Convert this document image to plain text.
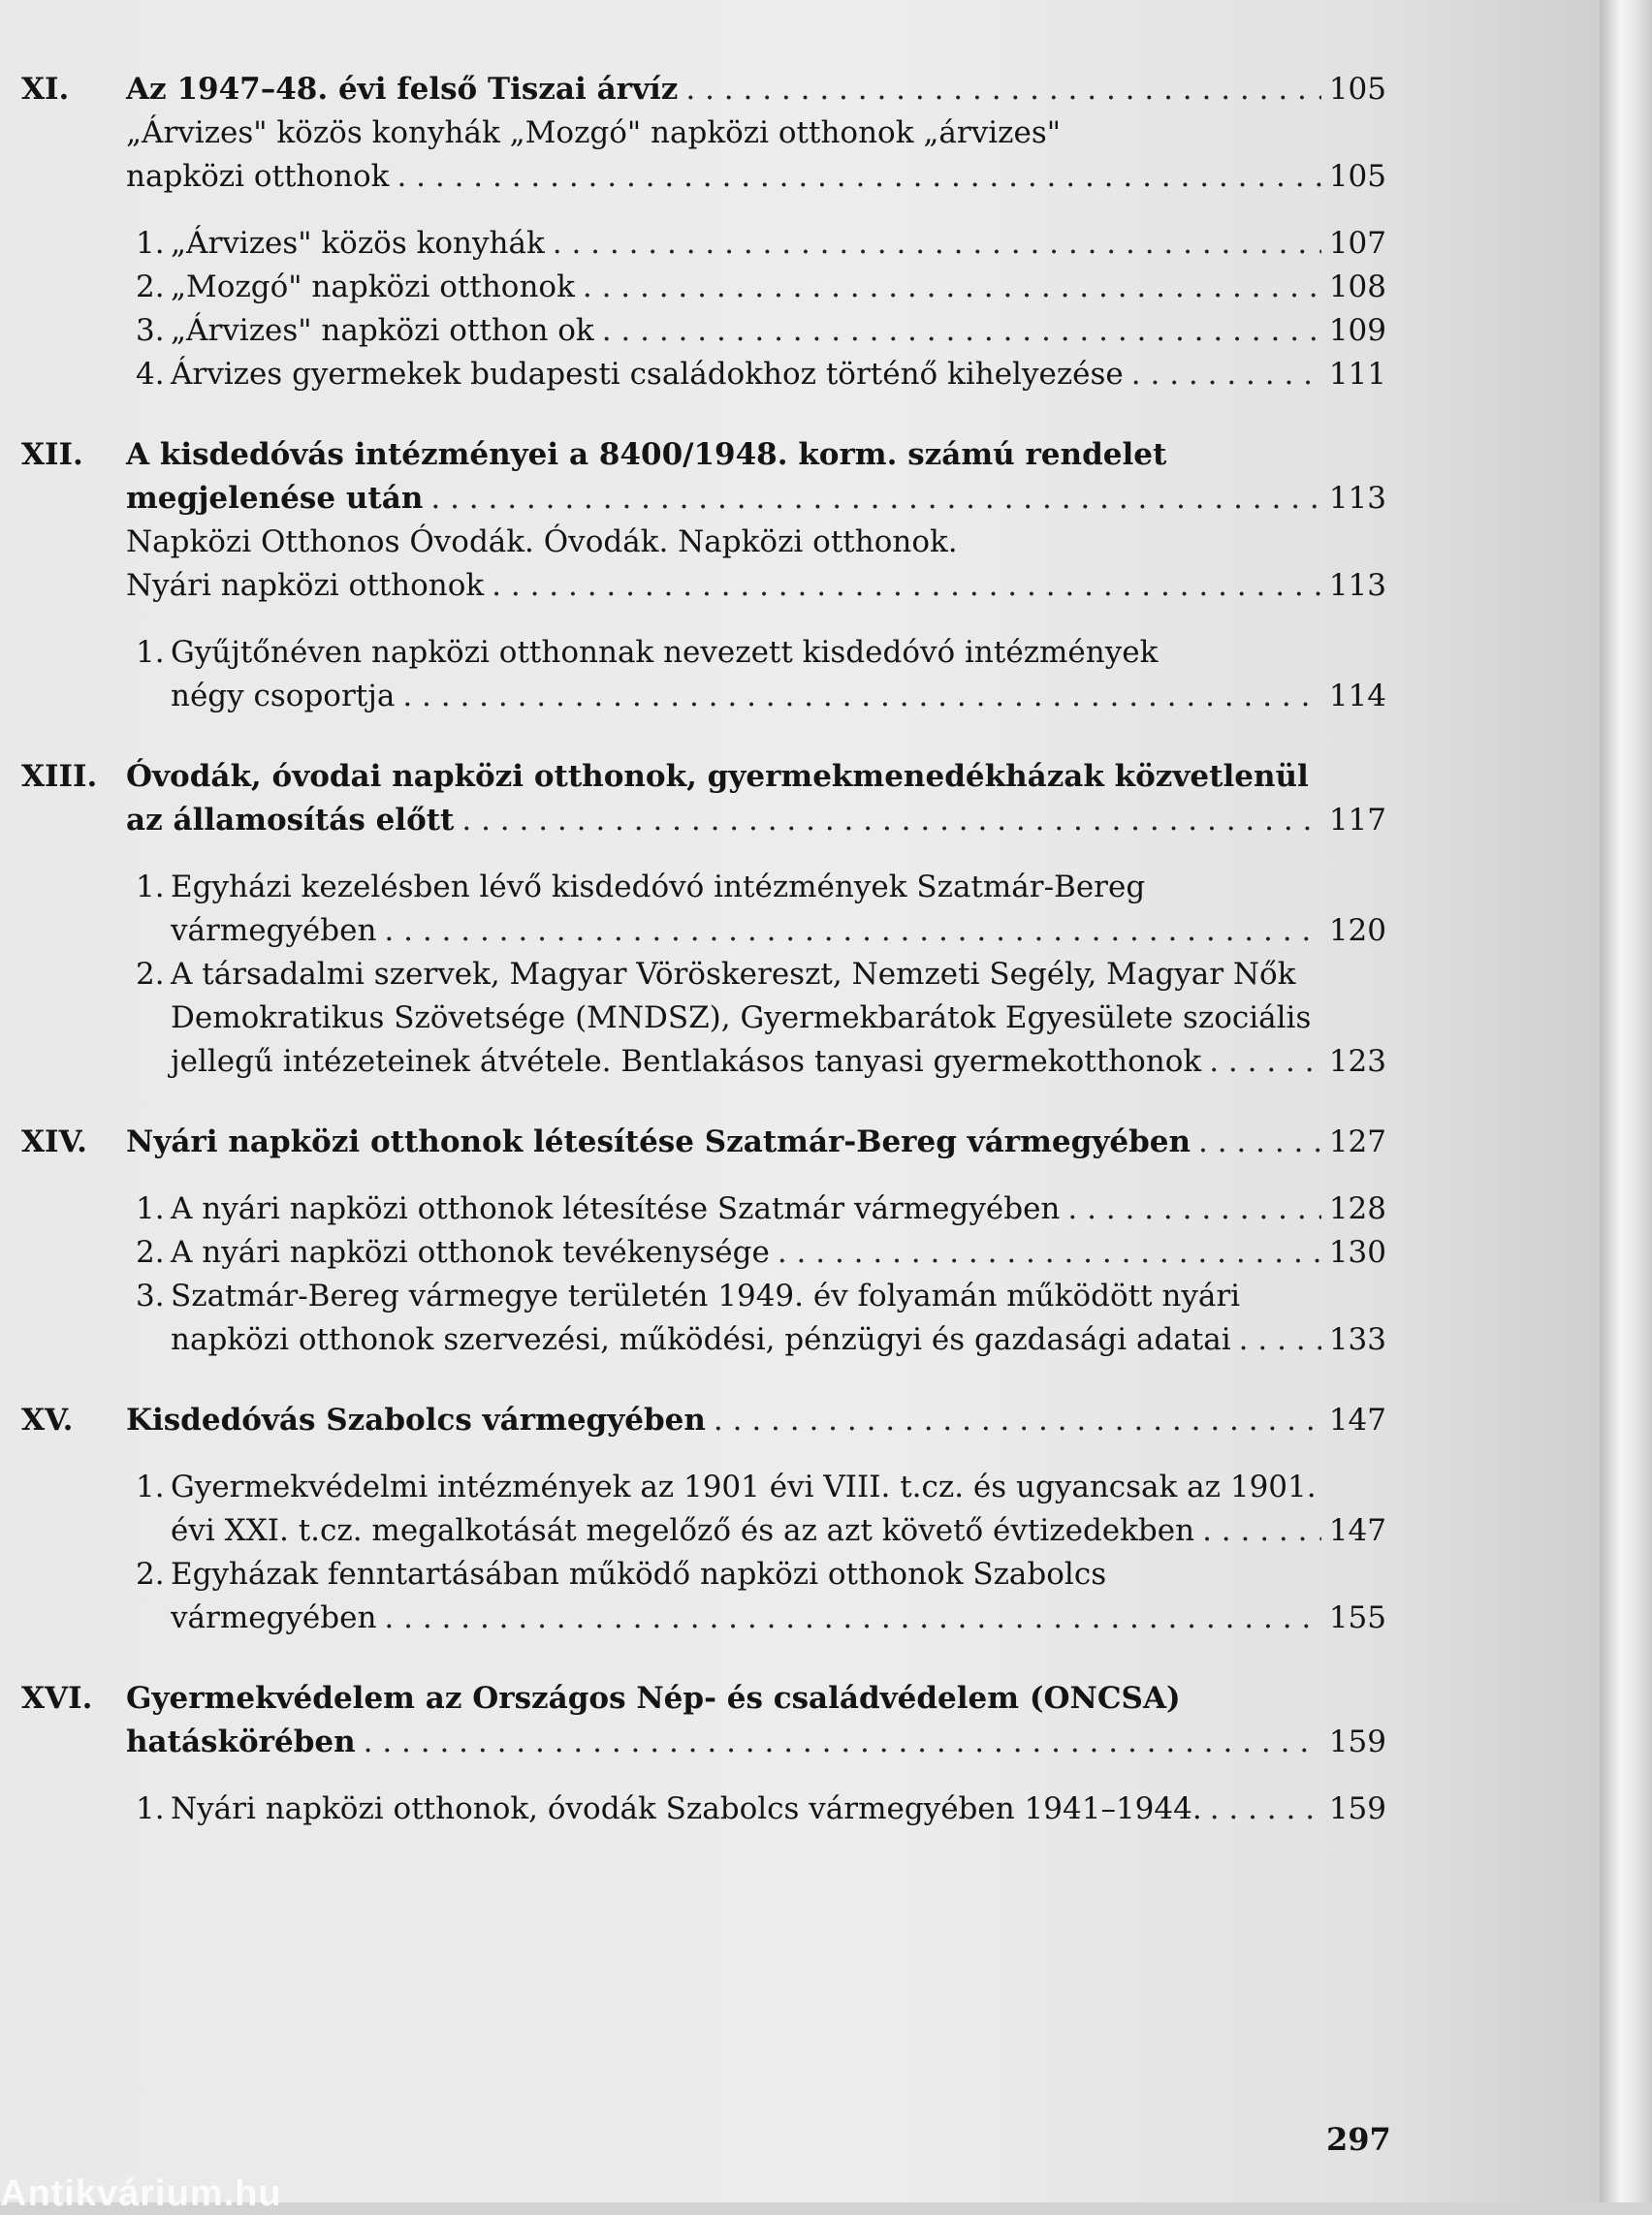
XI.	Az 1947–48. évi felső Tiszai árvíz . . .	105
„Árvizes" közös konyhák „Mozgó" napközi otthonok „árvizes"
napközi otthonok . . .	105
1. „Árvizes" közös konyhák . . .	107
2. „Mozgó" napközi otthonok . . .	108
3. „Árvizes" napközi otthon ok . . .	109
4. Árvizes gyermekek budapesti családokhoz történő kihelyezése . . .	111
XII.	A kisdedóvás intézményei a 8400/1948. korm. számú rendelet
megjelenése után . . .	113
Napközi Otthonos Óvodák. Óvodák. Napközi otthonok.
Nyári napközi otthonok . . .	113
1. Gyűjtőnéven napközi otthonnak nevezett kisdedóvó intézmények
négy csoportja . . .	114
XIII. Óvodák, óvodai napközi otthonok, gyermekmenedékházak közvetlenül
az államosítás előtt . . .	117
1. Egyházi kezelésben lévő kisdedóvó intézmények Szatmár-Bereg
vármegyében . . .	120
2. A társadalmi szervek, Magyar Vöröskereszt, Nemzeti Segély, Magyar Nők
Demokratikus Szövetsége (MNDSZ), Gyermekbarátok Egyesülete szociális
jellegű intézeteinek átvétele. Bentlakásos tanyasi gyermekotthonok . . .	123
XIV.	Nyári napközi otthonok létesítése Szatmár-Bereg vármegyében . . .	127
1. A nyári napközi otthonok létesítése Szatmár vármegyében . . .	128
2. A nyári napközi otthonok tevékenysége . . .	130
3. Szatmár-Bereg vármegye területén 1949. év folyamán működött nyári
napközi otthonok szervezési, működési, pénzügyi és gazdasági adatai . . .	133
XV.	Kisdedóvás Szabolcs vármegyében . . .	147
1. Gyermekvédelmi intézmények az 1901 évi VIII. t.cz. és ugyancsak az 1901.
évi XXI. t.cz. megalkotását megelőző és az azt követő évtizedekben . . .	147
2. Egyházak fenntartásában működő napközi otthonok Szabolcs
vármegyében . . .	155
XVI.	Gyermekvédelem az Országos Nép- és családvédelem (ONCSA)
hatáskörében . . .	159
1. Nyári napközi otthonok, óvodák Szabolcs vármegyében 1941–1944. . . .	159
297
Antikvárium.hu
